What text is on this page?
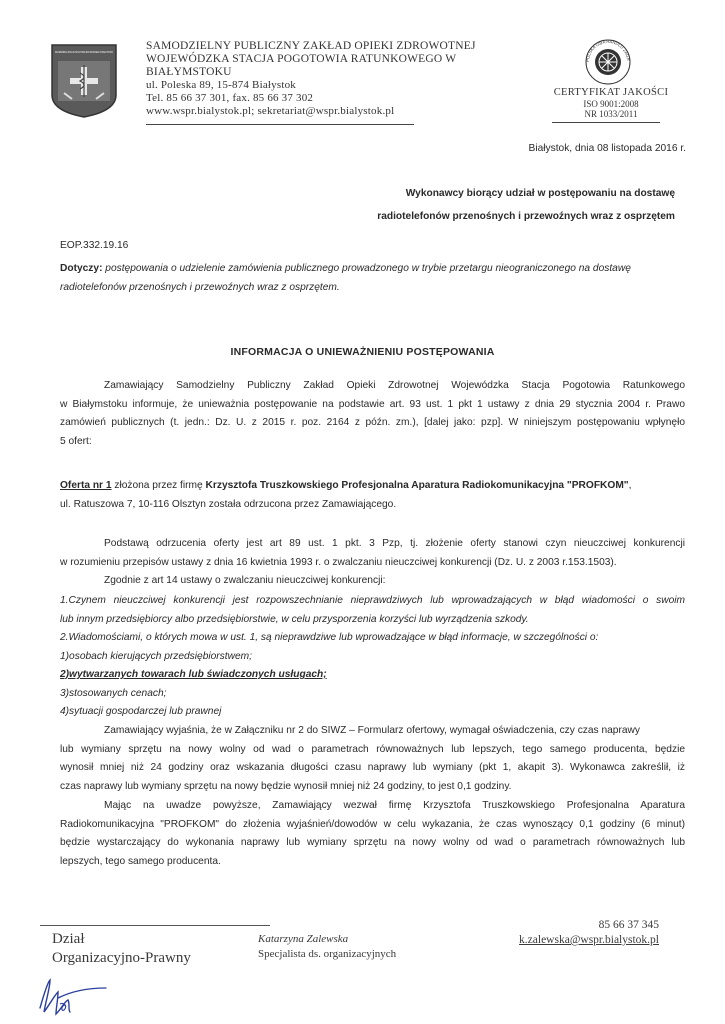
WOJEWÓDZKA STACJA POGOTOWIA RATUNKOWEGO W BIAŁYSTOKU
SAMODZIELNY PUBLICZNY ZAKŁAD OPIEKI ZDROWOTNEJ
WOJEWÓDZKA STACJA POGOTOWIA RATUNKOWEGO W
BIAŁYMSTOKU
ul. Poleska 89, 15-874 Białystok
Tel. 85 66 37 301, fax. 85 66 37 302
www.wspr.bialystok.pl; sekretariat@wspr.bialystok.pl
POLSKA IZBA HANDLU ZAGR
CERTYFIKAT JAKOŚCI
ISO 9001:2008
NR 1033/2011
Białystok, dnia 08 listopada 2016 r.
Wykonawcy biorący udział w postępowaniu na dostawę
radiotelefonów przenośnych i przewoźnych wraz z osprzętem
EOP.332.19.16
Dotyczy: postępowania o udzielenie zamówienia publicznego prowadzonego w trybie przetargu nieograniczonego na dostawę
radiotelefonów przenośnych i przewoźnych wraz z osprzętem.
INFORMACJA O UNIEWAŻNIENIU POSTĘPOWANIA
Zamawiający Samodzielny Publiczny Zakład Opieki Zdrowotnej Wojewódzka Stacja Pogotowia Ratunkowego
w Białymstoku informuje, że unieważnia postępowanie na podstawie art. 93 ust. 1 pkt 1 ustawy z dnia 29 stycznia 2004 r. Prawo
zamówień publicznych (t. jedn.: Dz. U. z 2015 r. poz. 2164 z późn. zm.), [dalej jako: pzp]. W niniejszym postępowaniu wpłynęło
5 ofert:
Oferta nr 1 złożona przez firmę Krzysztofa Truszkowskiego Profesjonalna Aparatura Radiokomunikacyjna "PROFKOM",
ul. Ratuszowa 7, 10-116 Olsztyn została odrzucona przez Zamawiającego.
Podstawą odrzucenia oferty jest art 89 ust. 1 pkt. 3 Pzp, tj. złożenie oferty stanowi czyn nieuczciwej konkurencji
w rozumieniu przepisów ustawy z dnia 16 kwietnia 1993 r. o zwalczaniu nieuczciwej konkurencji (Dz. U. z 2003 r.153.1503).
Zgodnie z art 14 ustawy o zwalczaniu nieuczciwej konkurencji:
1.Czynem nieuczciwej konkurencji jest rozpowszechnianie nieprawdziwych lub wprowadzających w błąd wiadomości o swoim
lub innym przedsiębiorcy albo przedsiębiorstwie, w celu przysporzenia korzyści lub wyrządzenia szkody.
2.Wiadomościami, o których mowa w ust. 1, są nieprawdziwe lub wprowadzające w błąd informacje, w szczególności o:
1)osobach kierujących przedsiębiorstwem;
2)wytwarzanych towarach lub świadczonych usługach;
3)stosowanych cenach;
4)sytuacji gospodarczej lub prawnej
Zamawiający wyjaśnia, że w Załączniku nr 2 do SIWZ – Formularz ofertowy, wymagał oświadczenia, czy czas naprawy
lub wymiany sprzętu na nowy wolny od wad o parametrach równoważnych lub lepszych, tego samego producenta, będzie
wynosił mniej niż 24 godziny oraz wskazania długości czasu naprawy lub wymiany (pkt 1, akapit 3). Wykonawca zakreślił, iż
czas naprawy lub wymiany sprzętu na nowy będzie wynosił mniej niż 24 godziny, to jest 0,1 godziny.
Mając na uwadze powyższe, Zamawiający wezwał firmę Krzysztofa Truszkowskiego Profesjonalna Aparatura
Radiokomunikacyjna "PROFKOM" do złożenia wyjaśnień/dowodów w celu wykazania, że czas wynoszący 0,1 godziny (6 minut)
będzie wystarczający do wykonania naprawy lub wymiany sprzętu na nowy wolny od wad o parametrach równoważnych lub
lepszych, tego samego producenta.
Dział
Organizacyjno-Prawny
Katarzyna Zalewska
Specjalista ds. organizacyjnych
85 66 37 345
k.zalewska@wspr.bialystok.pl
